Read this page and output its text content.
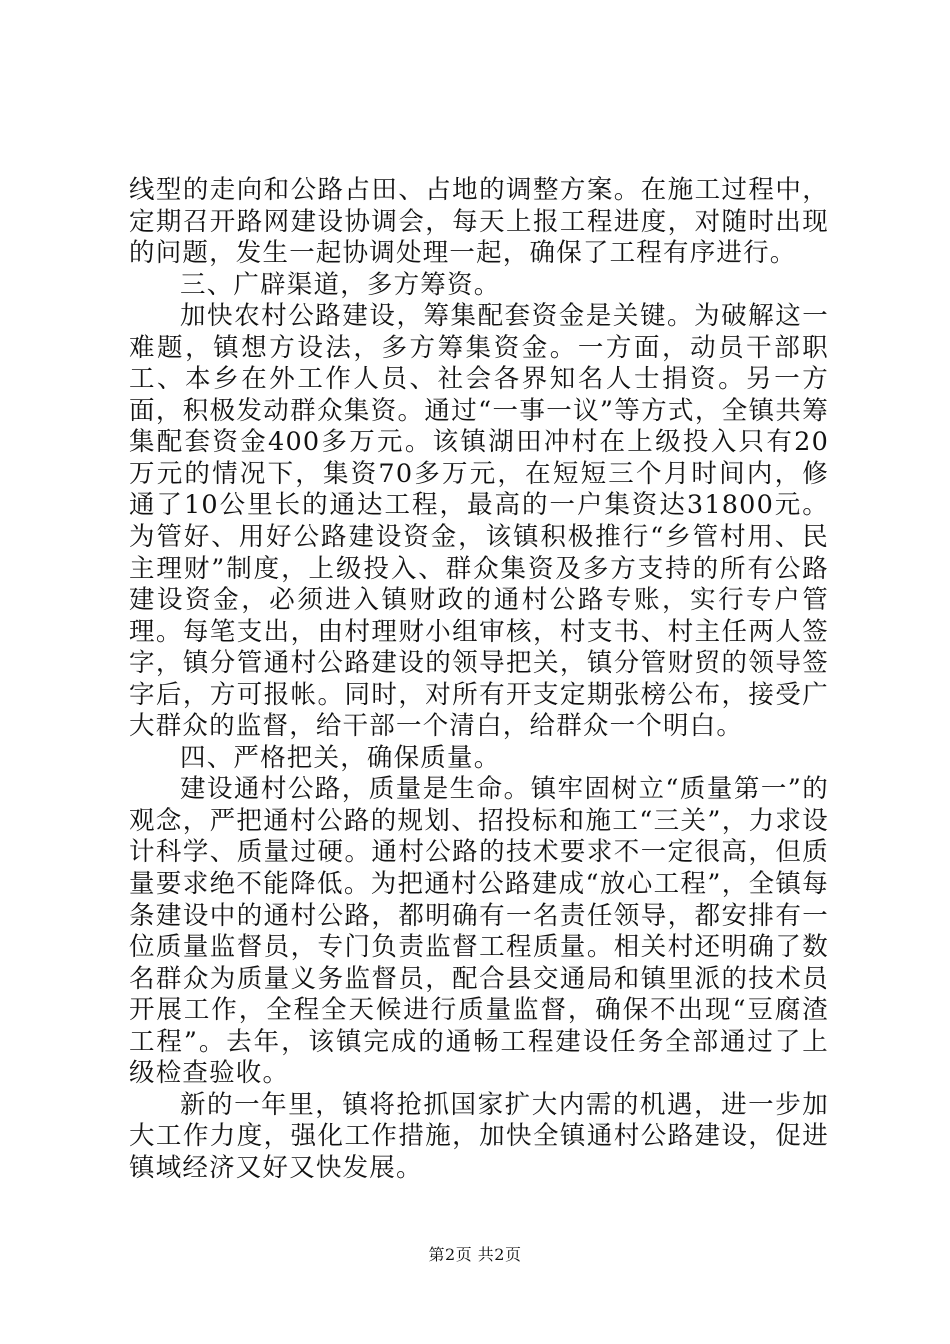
线型的走向和公路占田、占地的调整方案。在施工过程中，定期召开路网建设协调会，每天上报工程进度，对随时出现的问题，发生一起协调处理一起，确保了工程有序进行。

三、广辟渠道，多方筹资。

加快农村公路建设，筹集配套资金是关键。为破解这一难题，镇想方设法，多方筹集资金。一方面，动员干部职工、本乡在外工作人员、社会各界知名人士捐资。另一方面，积极发动群众集资。通过“一事一议”等方式，全镇共筹集配套资金400多万元。该镇湖田冲村在上级投入只有20万元的情况下，集资70多万元，在短短三个月时间内，修通了10公里长的通达工程，最高的一户集资达31800元。为管好、用好公路建设资金，该镇积极推行“乡管村用、民主理财”制度，上级投入、群众集资及多方支持的所有公路建设资金，必须进入镇财政的通村公路专账，实行专户管理。每笔支出，由村理财小组审核，村支书、村主任两人签字，镇分管通村公路建设的领导把关，镇分管财贸的领导签字后，方可报帐。同时，对所有开支定期张榜公布，接受广大群众的监督，给干部一个清白，给群众一个明白。

四、严格把关，确保质量。

建设通村公路，质量是生命。镇牢固树立“质量第一”的观念，严把通村公路的规划、招投标和施工“三关”，力求设计科学、质量过硬。通村公路的技术要求不一定很高，但质量要求绝不能降低。为把通村公路建成“放心工程”，全镇每条建设中的通村公路，都明确有一名责任领导，都安排有一位质量监督员，专门负责监督工程质量。相关村还明确了数名群众为质量义务监督员，配合县交通局和镇里派的技术员开展工作，全程全天候进行质量监督，确保不出现“豆腐渣工程”。去年，该镇完成的通畅工程建设任务全部通过了上级检查验收。

新的一年里，镇将抢抓国家扩大内需的机遇，进一步加大工作力度，强化工作措施，加快全镇通村公路建设，促进镇域经济又好又快发展。

第2页 共2页
